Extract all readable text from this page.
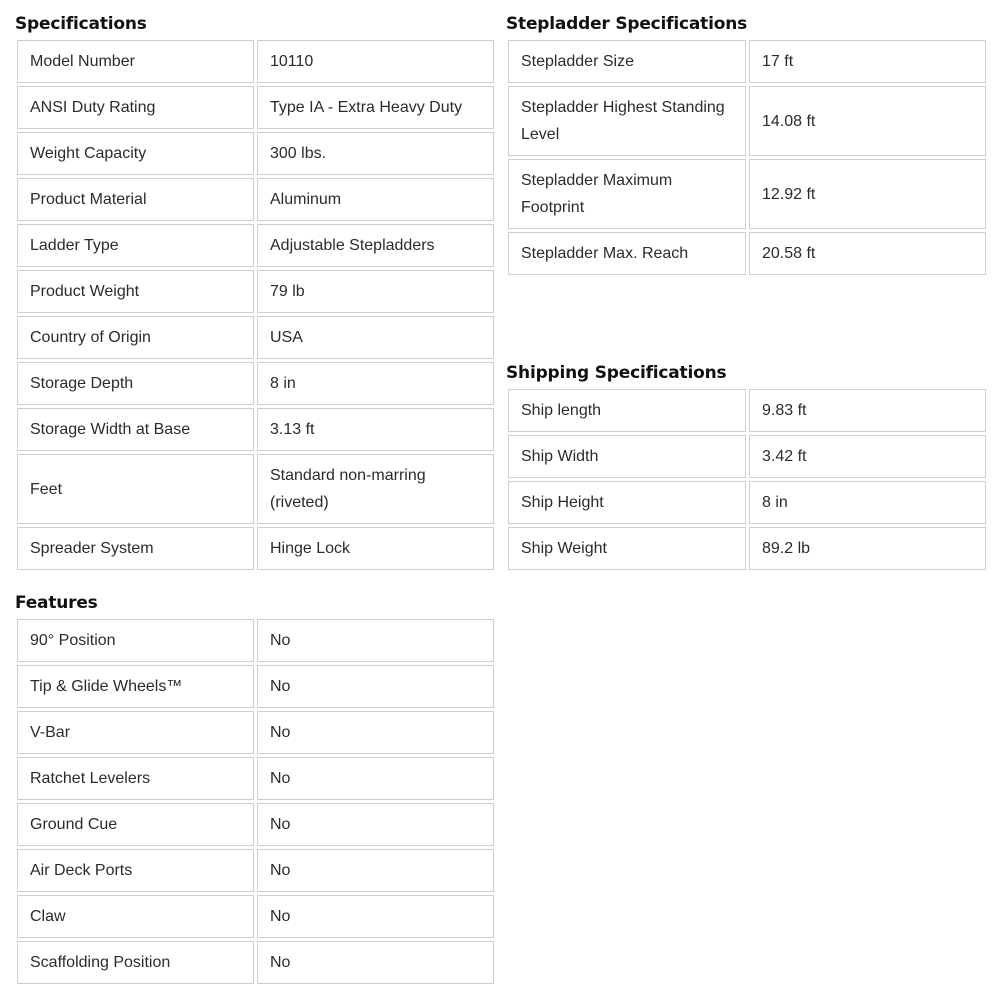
Specifications
Model Number	10110
ANSI Duty Rating	Type IA - Extra Heavy Duty
Weight Capacity	300 lbs.
Product Material	Aluminum
Ladder Type	Adjustable Stepladders
Product Weight	79 lb
Country of Origin	USA
Storage Depth	8 in
Storage Width at Base	3.13 ft
Feet	Standard non-marring (riveted)
Spreader System	Hinge Lock
Features
90° Position	No
Tip & Glide Wheels™	No
V-Bar	No
Ratchet Levelers	No
Ground Cue	No
Air Deck Ports	No
Claw	No
Scaffolding Position	No
Stepladder Specifications
Stepladder Size	17 ft
Stepladder Highest Standing Level	14.08 ft
Stepladder Maximum Footprint	12.92 ft
Stepladder Max. Reach	20.58 ft
Shipping Specifications
Ship length	9.83 ft
Ship Width	3.42 ft
Ship Height	8 in
Ship Weight	89.2 lb
